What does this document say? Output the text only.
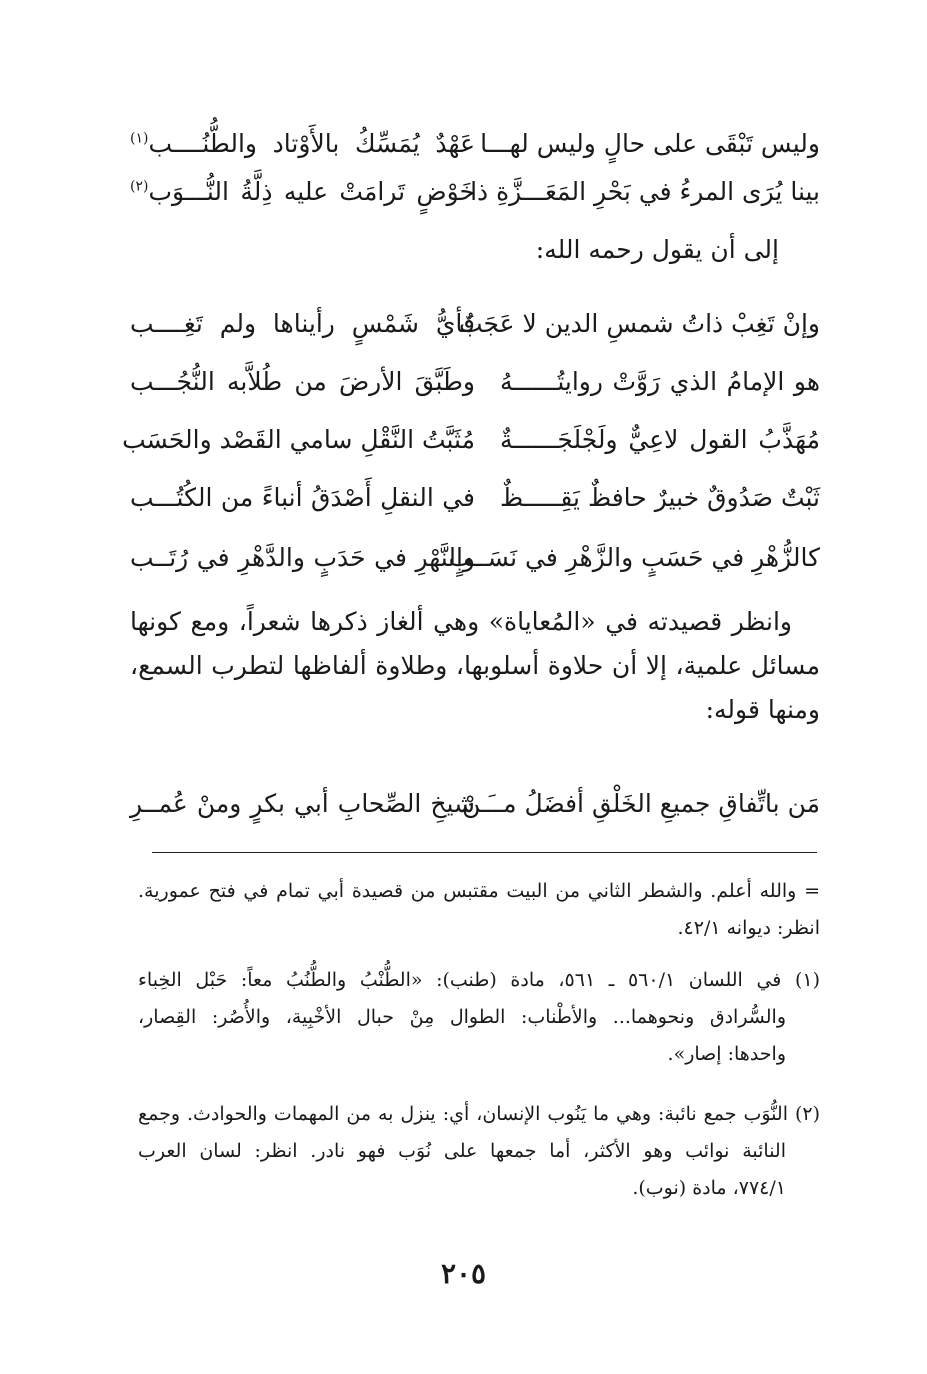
وليس تَبْقَى على حالٍ وليس لهـــا
عَهْدٌ يُمَسِّكُ بالأَوْتاد والطُّنُــــب$^{(١)}$
بينا يُرَى المرءُ في بَحْرِ المَعَـــزَّةِ ذا
خَوْضٍ تَرامَتْ عليه ذِلَّةُ النُّـــوَب$^{(٢)}$
إلى أن يقول رحمه الله:
وإنْ تَغِبْ ذاتُ شمسِ الدين لا عَجَبٌ
فأيُّ شَمْسٍ رأيناها ولم تَغِــــب
هو الإمامُ الذي رَوَّتْ روايتُــــــهُ
وطَبَّقَ الأرضَ من طُلاَّبه النُّجُـــب
مُهَذَّبُ القول لاعِيٌّ ولَجْلَجَــــــةٌ
مُثَبَّتُ النَّقْلِ سامي القَصْد والحَسَب
ثَبْتٌ صَدُوقٌ خبيرٌ حافظٌ يَقِـــــظٌ
في النقلِ أَصْدَقُ أنباءً من الكُتُـــب
كالزُّهْرِ في حَسَبٍ والزَّهْرِ في نَسَــبٍ
والنَّهْرِ في حَدَبٍ والدَّهْرِ في رُتَــب
وانظر قصيدته في «المُعاياة» وهي ألغاز ذكرها شعراً، ومع كونها
مسائل علمية، إلا أن حلاوة أسلوبها، وطلاوة ألفاظها لتطرب السمع،
ومنها قوله:
مَن باتِّفاقِ جميعِ الخَلْقِ أفضَلُ مــَـنْ
شيخِ الصِّحابِ أبي بكرٍ ومنْ عُمــرِ
= والله أعلم. والشطر الثاني من البيت مقتبس من قصيدة أبي تمام في فتح عمورية.
انظر: ديوانه ٤٢/١.
(١) في اللسان ٥٦٠/١ ـ ٥٦١، مادة (طنب): «الطُّنْبُ والطُّنُبُ معاً: حَبْل الخِباء
والسُّرادق ونحوهما... والأطْناب: الطوال مِنْ حبال الأخْبِية، والأُصُر: القِصار،
واحدها: إصار».
(٢) النُّوَب جمع نائبة: وهي ما يَنُوب الإنسان، أي: ينزل به من المهمات والحوادث. وجمع
النائبة نوائب وهو الأكثر، أما جمعها على نُوَب فهو نادر. انظر: لسان العرب
٧٧٤/١، مادة (نوب).
٢٠٥
